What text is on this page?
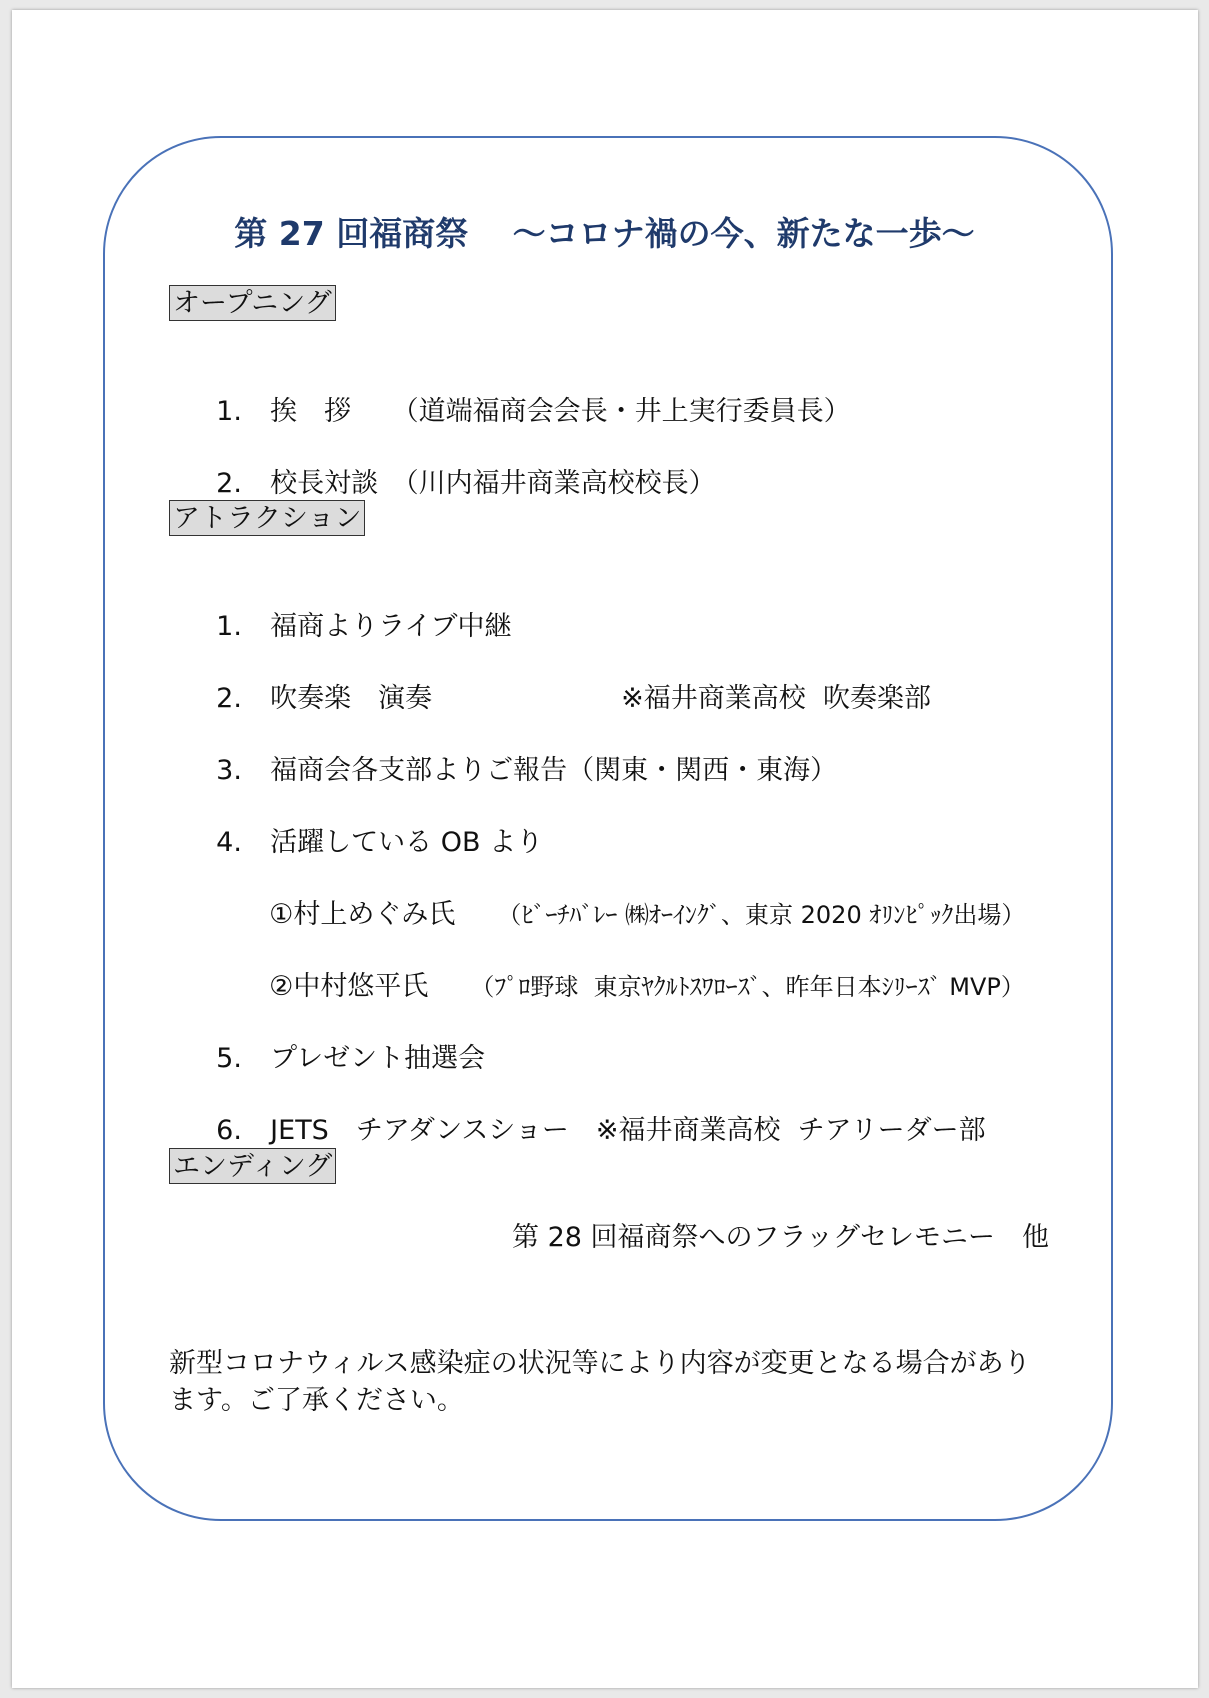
第 27 回福商祭　 ～コロナ禍の今、新たな一歩～
オープニング

1. 挨　拶　　（道端福商会会長・井上実行委員長）

2. 校長対談　（川内福井商業高校校長）

アトラクション

1. 福商よりライブ中継

2. 吹奏楽　演奏　　　　　　　※福井商業高校  吹奏楽部

3. 福商会各支部よりご報告（関東・関西・東海）

4. 活躍している OB より

①村上めぐみ氏　　 （ﾋﾞｰﾁﾊﾞﾚｰ ㈱ｵｰｲﾝｸﾞ、東京 2020 ｵﾘﾝﾋﾟｯｸ出場）

②中村悠平氏　　 （ﾌﾟﾛ野球  東京ﾔｸﾙﾄｽﾜﾛｰｽﾞ、昨年日本ｼﾘｰｽﾞ MVP）

5. プレゼント抽選会

6. JETS　チアダンスショー　※福井商業高校  チアリーダー部

エンディング
第 28 回福商祭へのフラッグセレモニー　他
新型コロナウィルス感染症の状況等により内容が変更となる場合があります。ご了承ください。
